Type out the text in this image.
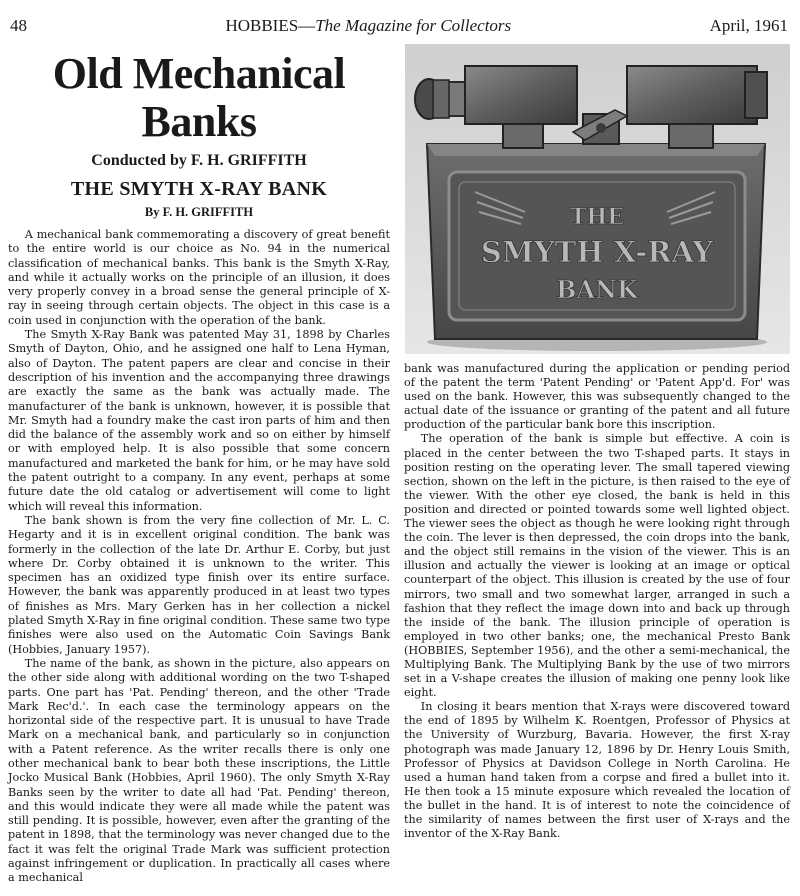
48	HOBBIES—The Magazine for Collectors	April, 1961
Old Mechanical Banks
Conducted by F. H. GRIFFITH
THE SMYTH X-RAY BANK
By F. H. GRIFFITH

A mechanical bank commemorating a discovery of great benefit to the entire world is our choice as No. 94 in the numerical classification of mechanical banks. This bank is the Smyth X-Ray, and while it actually works on the principle of an illusion, it does very properly convey in a broad sense the general principle of X-ray in seeing through certain objects. The object in this case is a coin used in conjunction with the operation of the bank.

The Smyth X-Ray Bank was patented May 31, 1898 by Charles Smyth of Dayton, Ohio, and he assigned one half to Lena Hyman, also of Dayton. The patent papers are clear and concise in their description of his invention and the accompanying three drawings are exactly the same as the bank was actually made. The manufacturer of the bank is unknown, however, it is possible that Mr. Smyth had a foundry make the cast iron parts of him and then did the balance of the assembly work and so on either by himself or with employed help. It is also possible that some concern manufactured and marketed the bank for him, or he may have sold the patent outright to a company. In any event, perhaps at some future date the old catalog or advertisement will come to light which will reveal this information.

The bank shown is from the very fine collection of Mr. L. C. Hegarty and it is in excellent original condition. The bank was formerly in the collection of the late Dr. Arthur E. Corby, but just where Dr. Corby obtained it is unknown to the writer. This specimen has an oxidized type finish over its entire surface. However, the bank was apparently produced in at least two types of finishes as Mrs. Mary Gerken has in her collection a nickel plated Smyth X-Ray in fine original condition. These same two type finishes were also used on the Automatic Coin Savings Bank (Hobbies, January 1957).

The name of the bank, as shown in the picture, also appears on the other side along with additional wording on the two T-shaped parts. One part has 'Pat. Pending' thereon, and the other 'Trade Mark Rec'd.'. In each case the terminology appears on the horizontal side of the respective part. It is unusual to have Trade Mark on a mechanical bank, and particularly so in conjunction with a Patent reference. As the writer recalls there is only one other mechanical bank to bear both these inscriptions, the Little Jocko Musical Bank (Hobbies, April 1960). The only Smyth X-Ray Banks seen by the writer to date all had 'Pat. Pending' thereon, and this would indicate they were all made while the patent was still pending. It is possible, however, even after the granting of the patent in 1898, that the terminology was never changed due to the fact it was felt the original Trade Mark was sufficient protection against infringement or duplication. In practically all cases where a mechanical

THE
SMYTH X-RAY
BANK

bank was manufactured during the application or pending period of the patent the term 'Patent Pending' or 'Patent App'd. For' was used on the bank. However, this was subsequently changed to the actual date of the issuance or granting of the patent and all future production of the particular bank bore this inscription.

The operation of the bank is simple but effective. A coin is placed in the center between the two T-shaped parts. It stays in position resting on the operating lever. The small tapered viewing section, shown on the left in the picture, is then raised to the eye of the viewer. With the other eye closed, the bank is held in this position and directed or pointed towards some well lighted object. The viewer sees the object as though he were looking right through the coin. The lever is then depressed, the coin drops into the bank, and the object still remains in the vision of the viewer. This is an illusion and actually the viewer is looking at an image or optical counterpart of the object. This illusion is created by the use of four mirrors, two small and two somewhat larger, arranged in such a fashion that they reflect the image down into and back up through the inside of the bank. The illusion principle of operation is employed in two other banks; one, the mechanical Presto Bank (HOBBIES, September 1956), and the other a semi-mechanical, the Multiplying Bank. The Multiplying Bank by the use of two mirrors set in a V-shape creates the illusion of making one penny look like eight.

In closing it bears mention that X-rays were discovered toward the end of 1895 by Wilhelm K. Roentgen, Professor of Physics at the University of Wurzburg, Bavaria. However, the first X-ray photograph was made January 12, 1896 by Dr. Henry Louis Smith, Professor of Physics at Davidson College in North Carolina. He used a human hand taken from a corpse and fired a bullet into it. He then took a 15 minute exposure which revealed the location of the bullet in the hand. It is of interest to note the coincidence of the similarity of names between the first user of X-rays and the inventor of the X-Ray Bank.
